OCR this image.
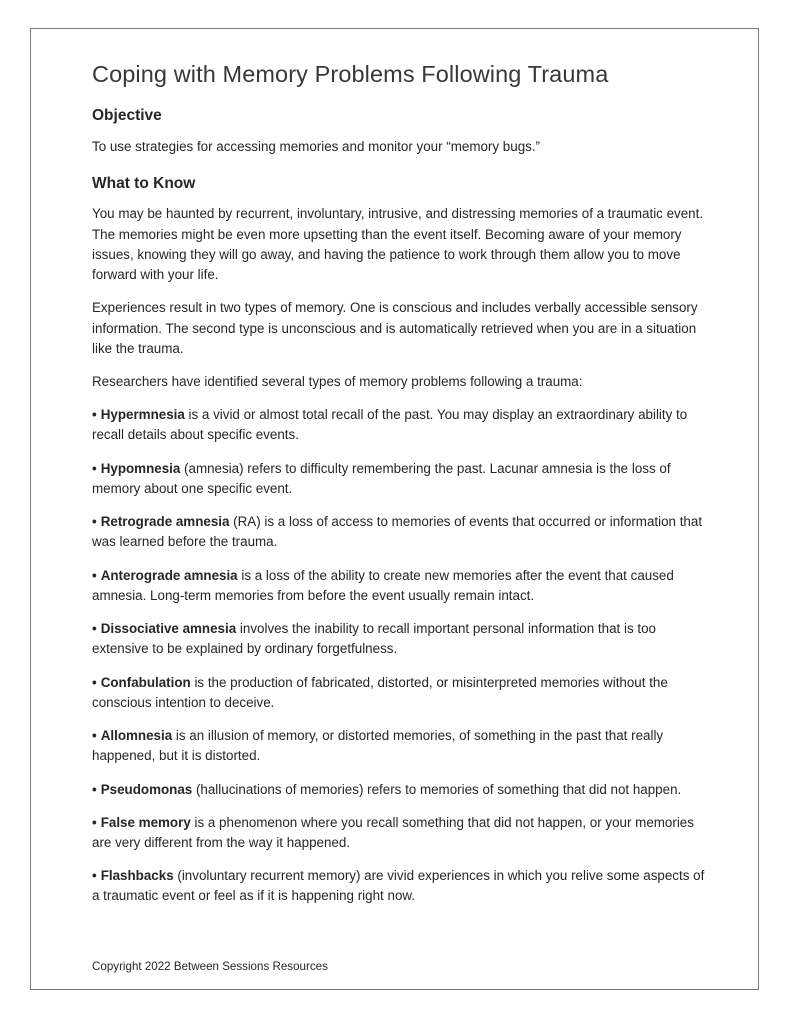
Coping with Memory Problems Following Trauma
Objective

To use strategies for accessing memories and monitor your “memory bugs.”

What to Know

You may be haunted by recurrent, involuntary, intrusive, and distressing memories of a traumatic event. The memories might be even more upsetting than the event itself. Becoming aware of your memory issues, knowing they will go away, and having the patience to work through them allow you to move forward with your life.

Experiences result in two types of memory. One is conscious and includes verbally accessible sensory information. The second type is unconscious and is automatically retrieved when you are in a situation like the trauma.

Researchers have identified several types of memory problems following a trauma:

• Hypermnesia is a vivid or almost total recall of the past. You may display an extraordinary ability to recall details about specific events.

• Hypomnesia (amnesia) refers to difficulty remembering the past. Lacunar amnesia is the loss of memory about one specific event.

• Retrograde amnesia (RA) is a loss of access to memories of events that occurred or information that was learned before the trauma.

• Anterograde amnesia is a loss of the ability to create new memories after the event that caused amnesia. Long-term memories from before the event usually remain intact.

• Dissociative amnesia involves the inability to recall important personal information that is too extensive to be explained by ordinary forgetfulness.

• Confabulation is the production of fabricated, distorted, or misinterpreted memories without the conscious intention to deceive.

• Allomnesia is an illusion of memory, or distorted memories, of something in the past that really happened, but it is distorted.

• Pseudomonas (hallucinations of memories) refers to memories of something that did not happen.

• False memory is a phenomenon where you recall something that did not happen, or your memories are very different from the way it happened.

• Flashbacks (involuntary recurrent memory) are vivid experiences in which you relive some aspects of a traumatic event or feel as if it is happening right now.

Copyright 2022 Between Sessions Resources
